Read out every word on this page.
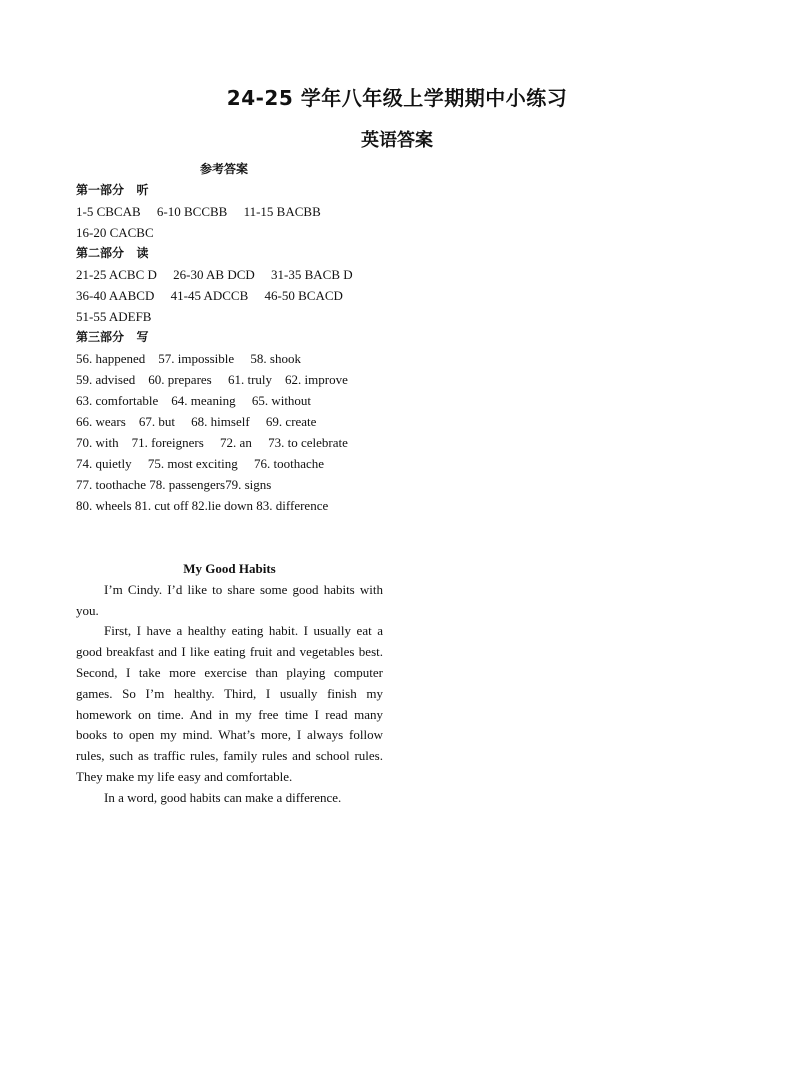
24-25 学年八年级上学期期中小练习
英语答案
参考答案
第一部分   听
1-5 CBCAB     6-10 BCCBB     11-15 BACBB
16-20 CACBC
第二部分   读
21-25 ACBC D     26-30 AB DCD     31-35 BACB D
36-40 AABCD     41-45 ADCCB     46-50 BCACD
51-55 ADEFB
第三部分   写
56. happened    57. impossible     58. shook
59. advised    60. prepares     61. truly    62. improve
63. comfortable    64. meaning     65. without
66. wears    67. but     68. himself     69. create
70. with    71. foreigners     72. an     73. to celebrate
74. quietly     75. most exciting     76. toothache
77. toothache 78. passengers79. signs
80. wheels 81. cut off 82.lie down 83. difference
My Good Habits

I’m Cindy. I’d like to share some good habits with you.

First, I have a healthy eating habit. I usually eat a good breakfast and I like eating fruit and vegetables best. Second, I take more exercise than playing computer games. So I’m healthy. Third, I usually finish my homework on time. And in my free time I read many books to open my mind. What’s more, I always follow rules, such as traffic rules, family rules and school rules. They make my life easy and comfortable.

In a word, good habits can make a difference.
